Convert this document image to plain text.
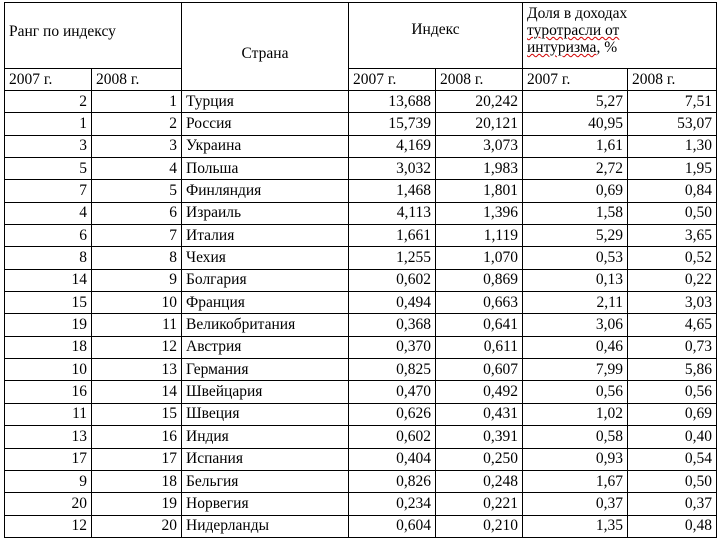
Ранг по индексу		Страна	Индекс		Доля в доходах
туротрасли от
интуризма, %	
2007 г.	2008 г.		2007 г.	2008 г.	2007 г.	2008 г.
2	1	Турция	13,688	20,242	5,27	7,51
1	2	Россия	15,739	20,121	40,95	53,07
3	3	Украина	4,169	3,073	1,61	1,30
5	4	Польша	3,032	1,983	2,72	1,95
7	5	Финляндия	1,468	1,801	0,69	0,84
4	6	Израиль	4,113	1,396	1,58	0,50
6	7	Италия	1,661	1,119	5,29	3,65
8	8	Чехия	1,255	1,070	0,53	0,52
14	9	Болгария	0,602	0,869	0,13	0,22
15	10	Франция	0,494	0,663	2,11	3,03
19	11	Великобритания	0,368	0,641	3,06	4,65
18	12	Австрия	0,370	0,611	0,46	0,73
10	13	Германия	0,825	0,607	7,99	5,86
16	14	Швейцария	0,470	0,492	0,56	0,56
11	15	Швеция	0,626	0,431	1,02	0,69
13	16	Индия	0,602	0,391	0,58	0,40
17	17	Испания	0,404	0,250	0,93	0,54
9	18	Бельгия	0,826	0,248	1,67	0,50
20	19	Норвегия	0,234	0,221	0,37	0,37
12	20	Нидерланды	0,604	0,210	1,35	0,48
